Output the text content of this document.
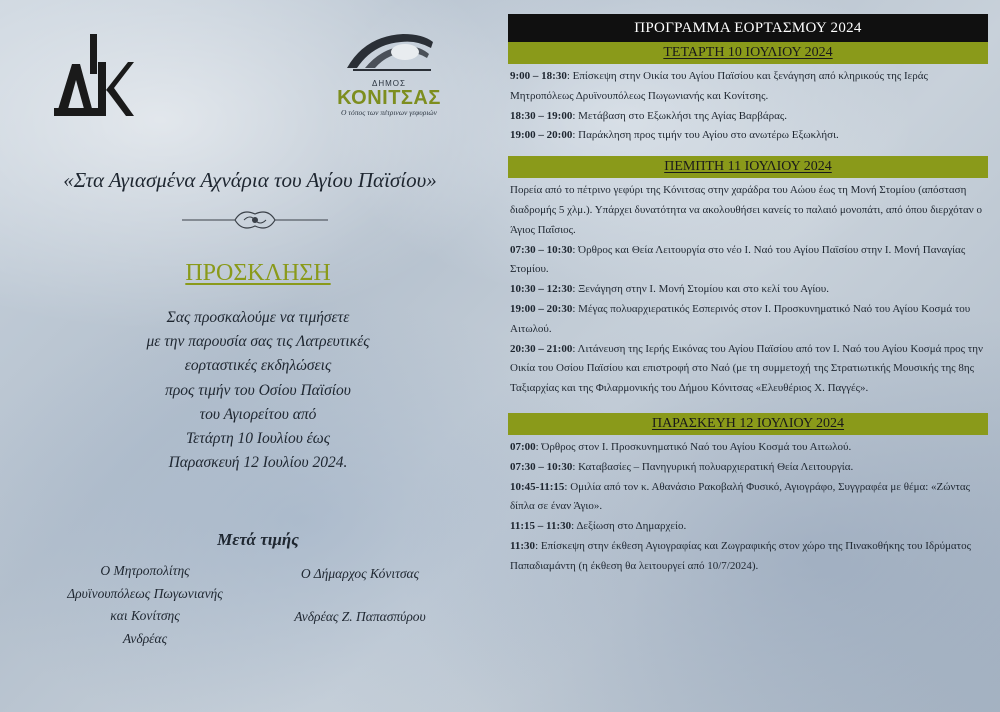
ΔΗΜΟΣ
ΚΟΝΙΤΣΑΣ
Ο τόπος των πέτρινων γεφυριών
«Στα Αγιασμένα Αχνάρια του Αγίου Παϊσίου»
ΠΡΟΣΚΛΗΣΗ
Σας προσκαλούμε να τιμήσετε
με την παρουσία σας τις Λατρευτικές
εορταστικές εκδηλώσεις
προς τιμήν του Οσίου Παϊσίου
του Αγιορείτου από
Τετάρτη 10 Ιουλίου έως
Παρασκευή 12 Ιουλίου 2024.
Μετά τιμής
Ο Μητροπολίτης
Δρυϊνουπόλεως Πωγωνιανής
και Κονίτσης
Ανδρέας
Ο Δήμαρχος Κόνιτσας
Ανδρέας Ζ. Παπασπύρου
ΠΡΟΓΡΑΜΜΑ ΕΟΡΤΑΣΜΟΥ 2024
ΤΕΤΑΡΤΗ 10 ΙΟΥΛΙΟΥ 2024
9:00 – 18:30: Επίσκεψη στην Οικία του Αγίου Παϊσίου και ξενάγηση από κληρικούς της Ιεράς Μητροπόλεως Δρυϊνουπόλεως Πωγωνιανής και Κονίτσης.
18:30 – 19:00: Μετάβαση στο Εξωκλήσι της Αγίας Βαρβάρας.
19:00 – 20:00: Παράκληση προς τιμήν του Αγίου στο ανωτέρω Εξωκλήσι.
ΠΕΜΠΤΗ 11 ΙΟΥΛΙΟΥ 2024
Πορεία από το πέτρινο γεφύρι της Κόνιτσας στην χαράδρα του Αώου έως τη Μονή Στομίου (απόσταση διαδρομής 5 χλμ.). Υπάρχει δυνατότητα να ακολουθήσει κανείς το παλαιό μονοπάτι, από όπου διερχόταν ο Άγιος Παΐσιος.
07:30 – 10:30: Όρθρος και Θεία Λειτουργία στο νέο Ι. Ναό του Αγίου Παϊσίου στην Ι. Μονή Παναγίας Στομίου.
10:30 – 12:30: Ξενάγηση στην Ι. Μονή Στομίου και στο κελί του Αγίου.
19:00 – 20:30: Μέγας πολυαρχιερατικός Εσπερινός στον Ι. Προσκυνηματικό Ναό του Αγίου Κοσμά του Αιτωλού.
20:30 – 21:00: Λιτάνευση της Ιερής Εικόνας του Αγίου Παϊσίου από τον Ι. Ναό του Αγίου Κοσμά προς την Οικία του Οσίου Παϊσίου και επιστροφή στο Ναό (με τη συμμετοχή της Στρατιωτικής Μουσικής της 8ης Ταξιαρχίας και της Φιλαρμονικής του Δήμου Κόνιτσας «Ελευθέριος Χ. Παγγές».
ΠΑΡΑΣΚΕΥΗ 12 ΙΟΥΛΙΟΥ 2024
07:00: Όρθρος στον Ι. Προσκυνηματικό Ναό του Αγίου Κοσμά του Αιτωλού.
07:30 – 10:30: Καταβασίες – Πανηγυρική πολυαρχιερατική Θεία Λειτουργία.
10:45-11:15: Ομιλία από τον κ. Αθανάσιο Ρακοβαλή Φυσικό, Αγιογράφο, Συγγραφέα με θέμα: «Ζώντας δίπλα σε έναν Άγιο».
11:15 – 11:30: Δεξίωση στο Δημαρχείο.
11:30: Επίσκεψη στην έκθεση Αγιογραφίας και Ζωγραφικής στον χώρο της Πινακοθήκης του Ιδρύματος Παπαδιαμάντη (η έκθεση θα λειτουργεί από 10/7/2024).
